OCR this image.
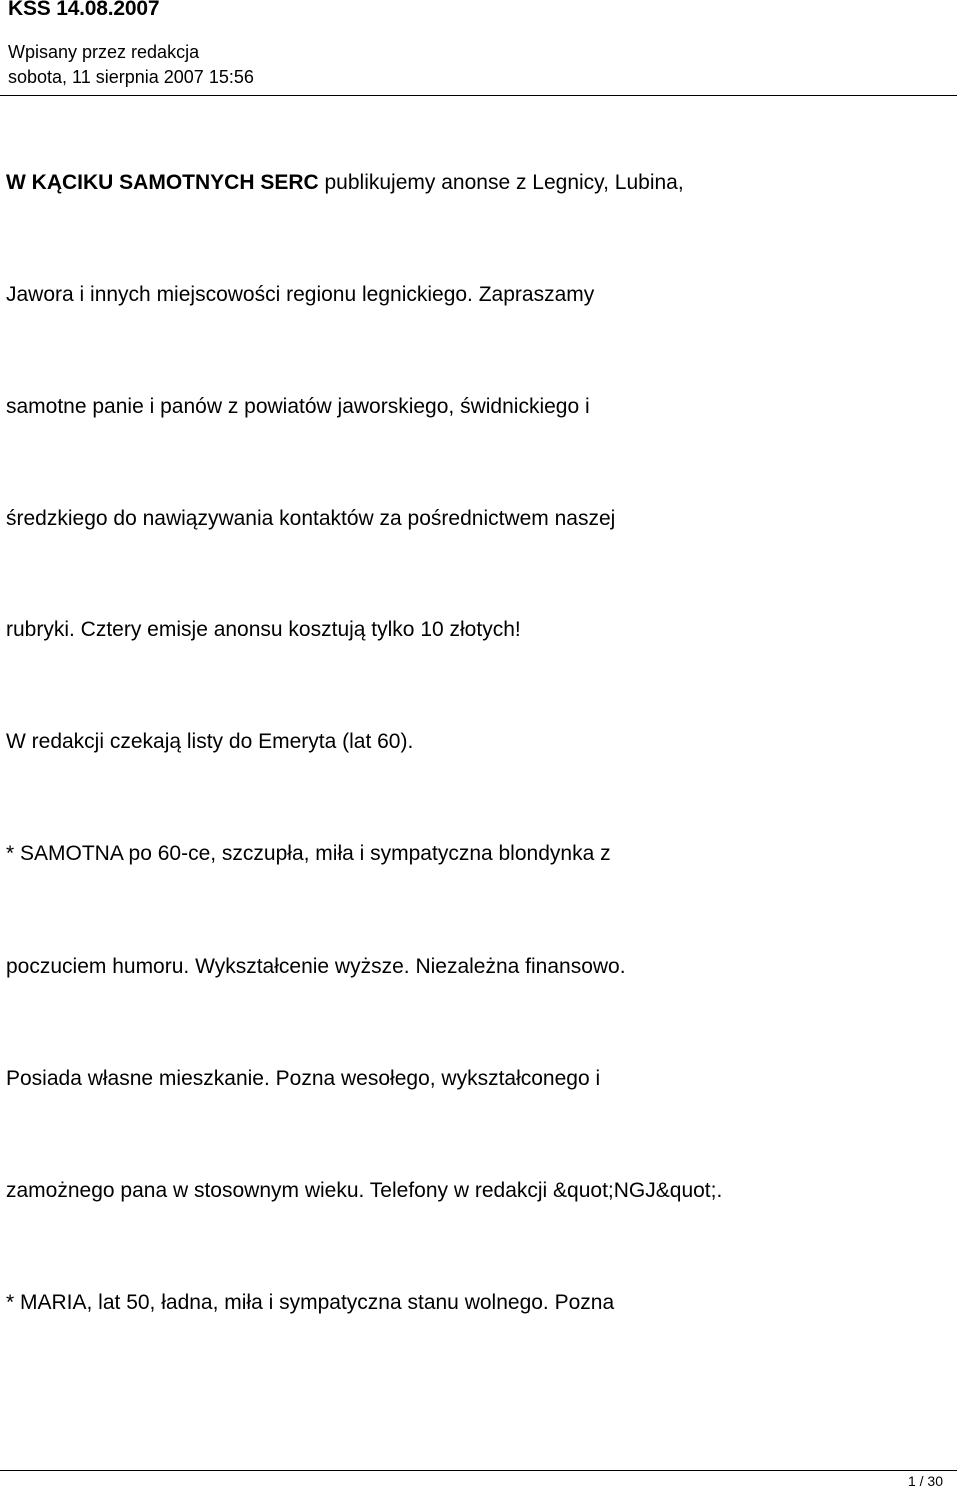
KSS 14.08.2007
Wpisany przez redakcja
sobota, 11 sierpnia 2007 15:56
W KĄCIKU SAMOTNYCH SERC publikujemy anonse z Legnicy, Lubina,
Jawora i innych miejscowości regionu legnickiego. Zapraszamy
samotne panie i panów z powiatów jaworskiego, świdnickiego i
średzkiego do nawiązywania kontaktów za pośrednictwem naszej
rubryki. Cztery emisje anonsu kosztują tylko 10 złotych!
W redakcji czekają listy do Emeryta (lat 60).
* SAMOTNA po 60-ce, szczupła, miła i sympatyczna blondynka z
poczuciem humoru. Wykształcenie wyższe. Niezależna finansowo.
Posiada własne mieszkanie. Pozna wesołego, wykształconego i
zamożnego pana w stosownym wieku. Telefony w redakcji &quot;NGJ&quot;.
* MARIA, lat 50, ładna, miła i sympatyczna stanu wolnego. Pozna
1 / 30
